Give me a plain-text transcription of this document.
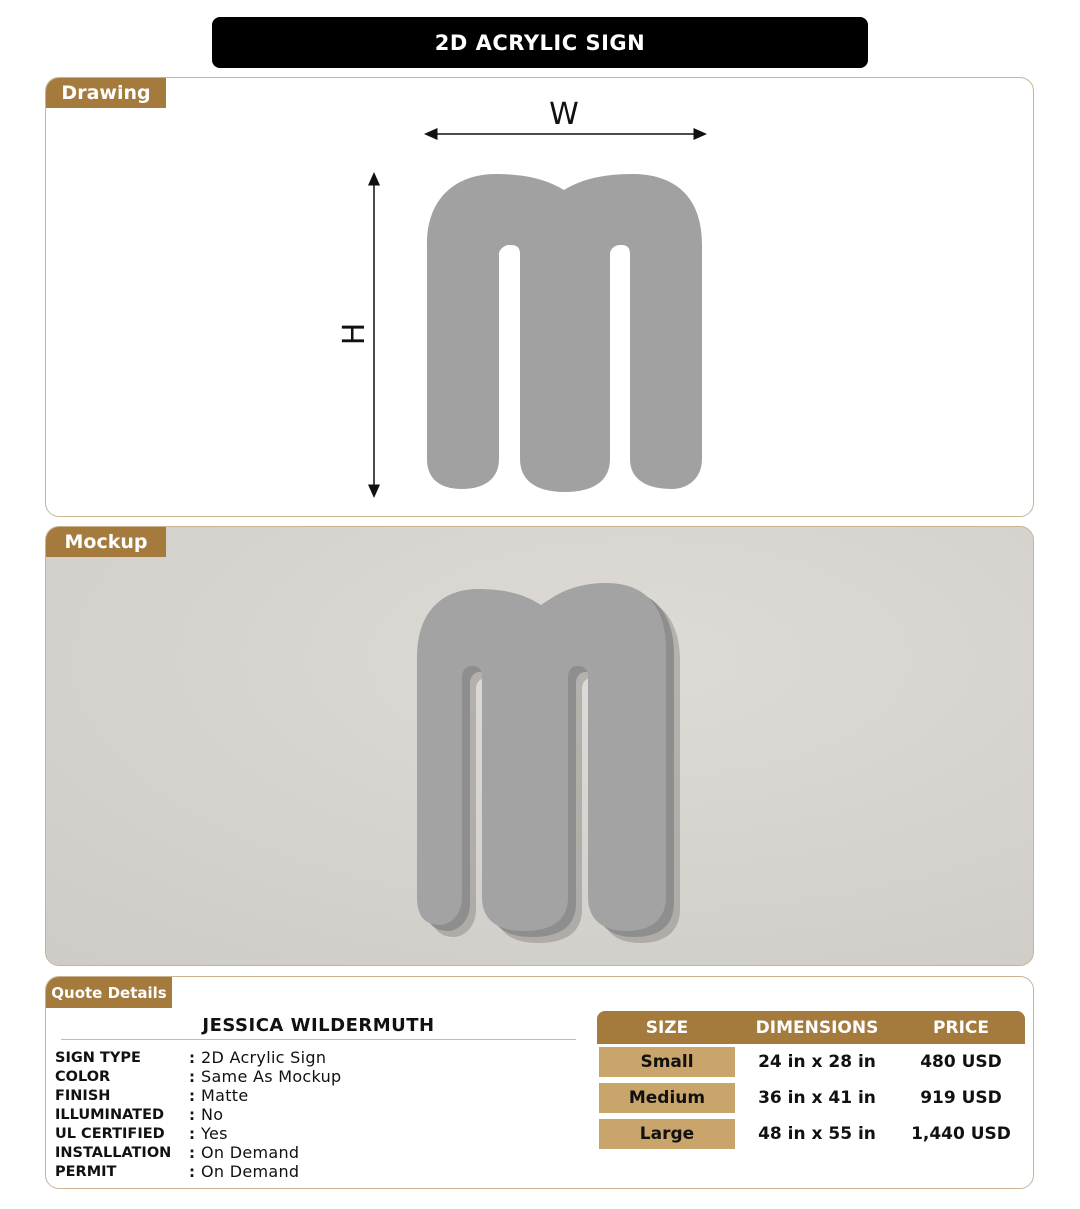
2D ACRYLIC SIGN
Drawing
W
H
Mockup
Quote Details
JESSICA WILDERMUTH
SIGN TYPE	: 2D Acrylic Sign
COLOR	: Same As Mockup
FINISH	: Matte
ILLUMINATED	: No
UL CERTIFIED	: Yes
INSTALLATION	: On Demand
PERMIT	: On Demand
SIZE	DIMENSIONS	PRICE
Small	24 in x 28 in	480 USD
Medium	36 in x 41 in	919 USD
Large	48 in x 55 in	1,440 USD
